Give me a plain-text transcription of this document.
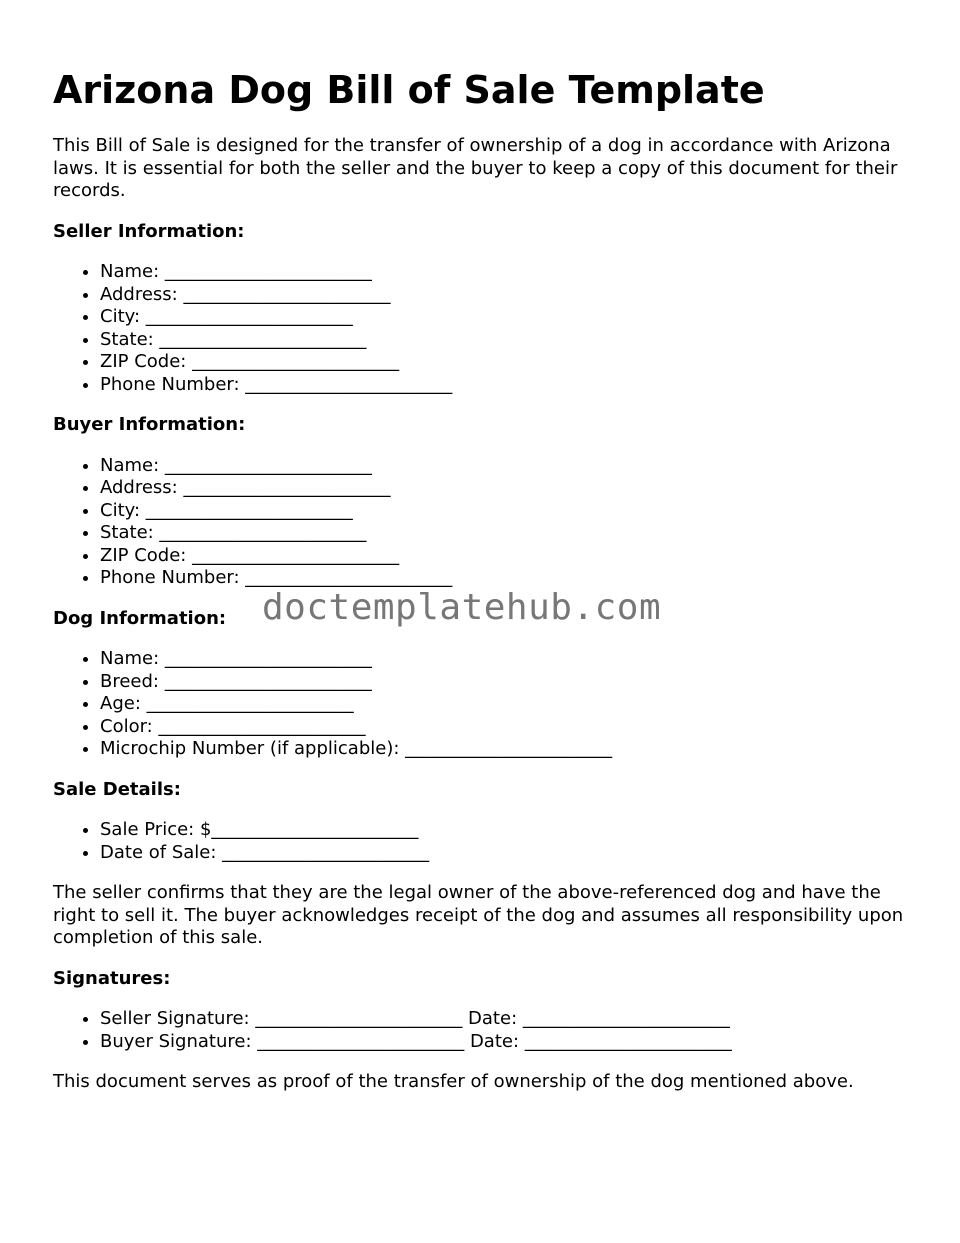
Arizona Dog Bill of Sale Template

This Bill of Sale is designed for the transfer of ownership of a dog in accordance with Arizona laws. It is essential for both the seller and the buyer to keep a copy of this document for their records.

Seller Information:
• Name: _______________________
• Address: _______________________
• City: _______________________
• State: _______________________
• ZIP Code: _______________________
• Phone Number: _______________________
Buyer Information:
• Name: _______________________
• Address: _______________________
• City: _______________________
• State: _______________________
• ZIP Code: _______________________
• Phone Number: _______________________
Dog Information: doctemplatehub.com
• Name: _______________________
• Breed: _______________________
• Age: _______________________
• Color: _______________________
• Microchip Number (if applicable): _______________________
Sale Details:
• Sale Price: $_______________________
• Date of Sale: _______________________

The seller confirms that they are the legal owner of the above-referenced dog and have the right to sell it. The buyer acknowledges receipt of the dog and assumes all responsibility upon completion of this sale.

Signatures:
• Seller Signature: _______________________ Date: _______________________
• Buyer Signature: _______________________ Date: _______________________

This document serves as proof of the transfer of ownership of the dog mentioned above.
